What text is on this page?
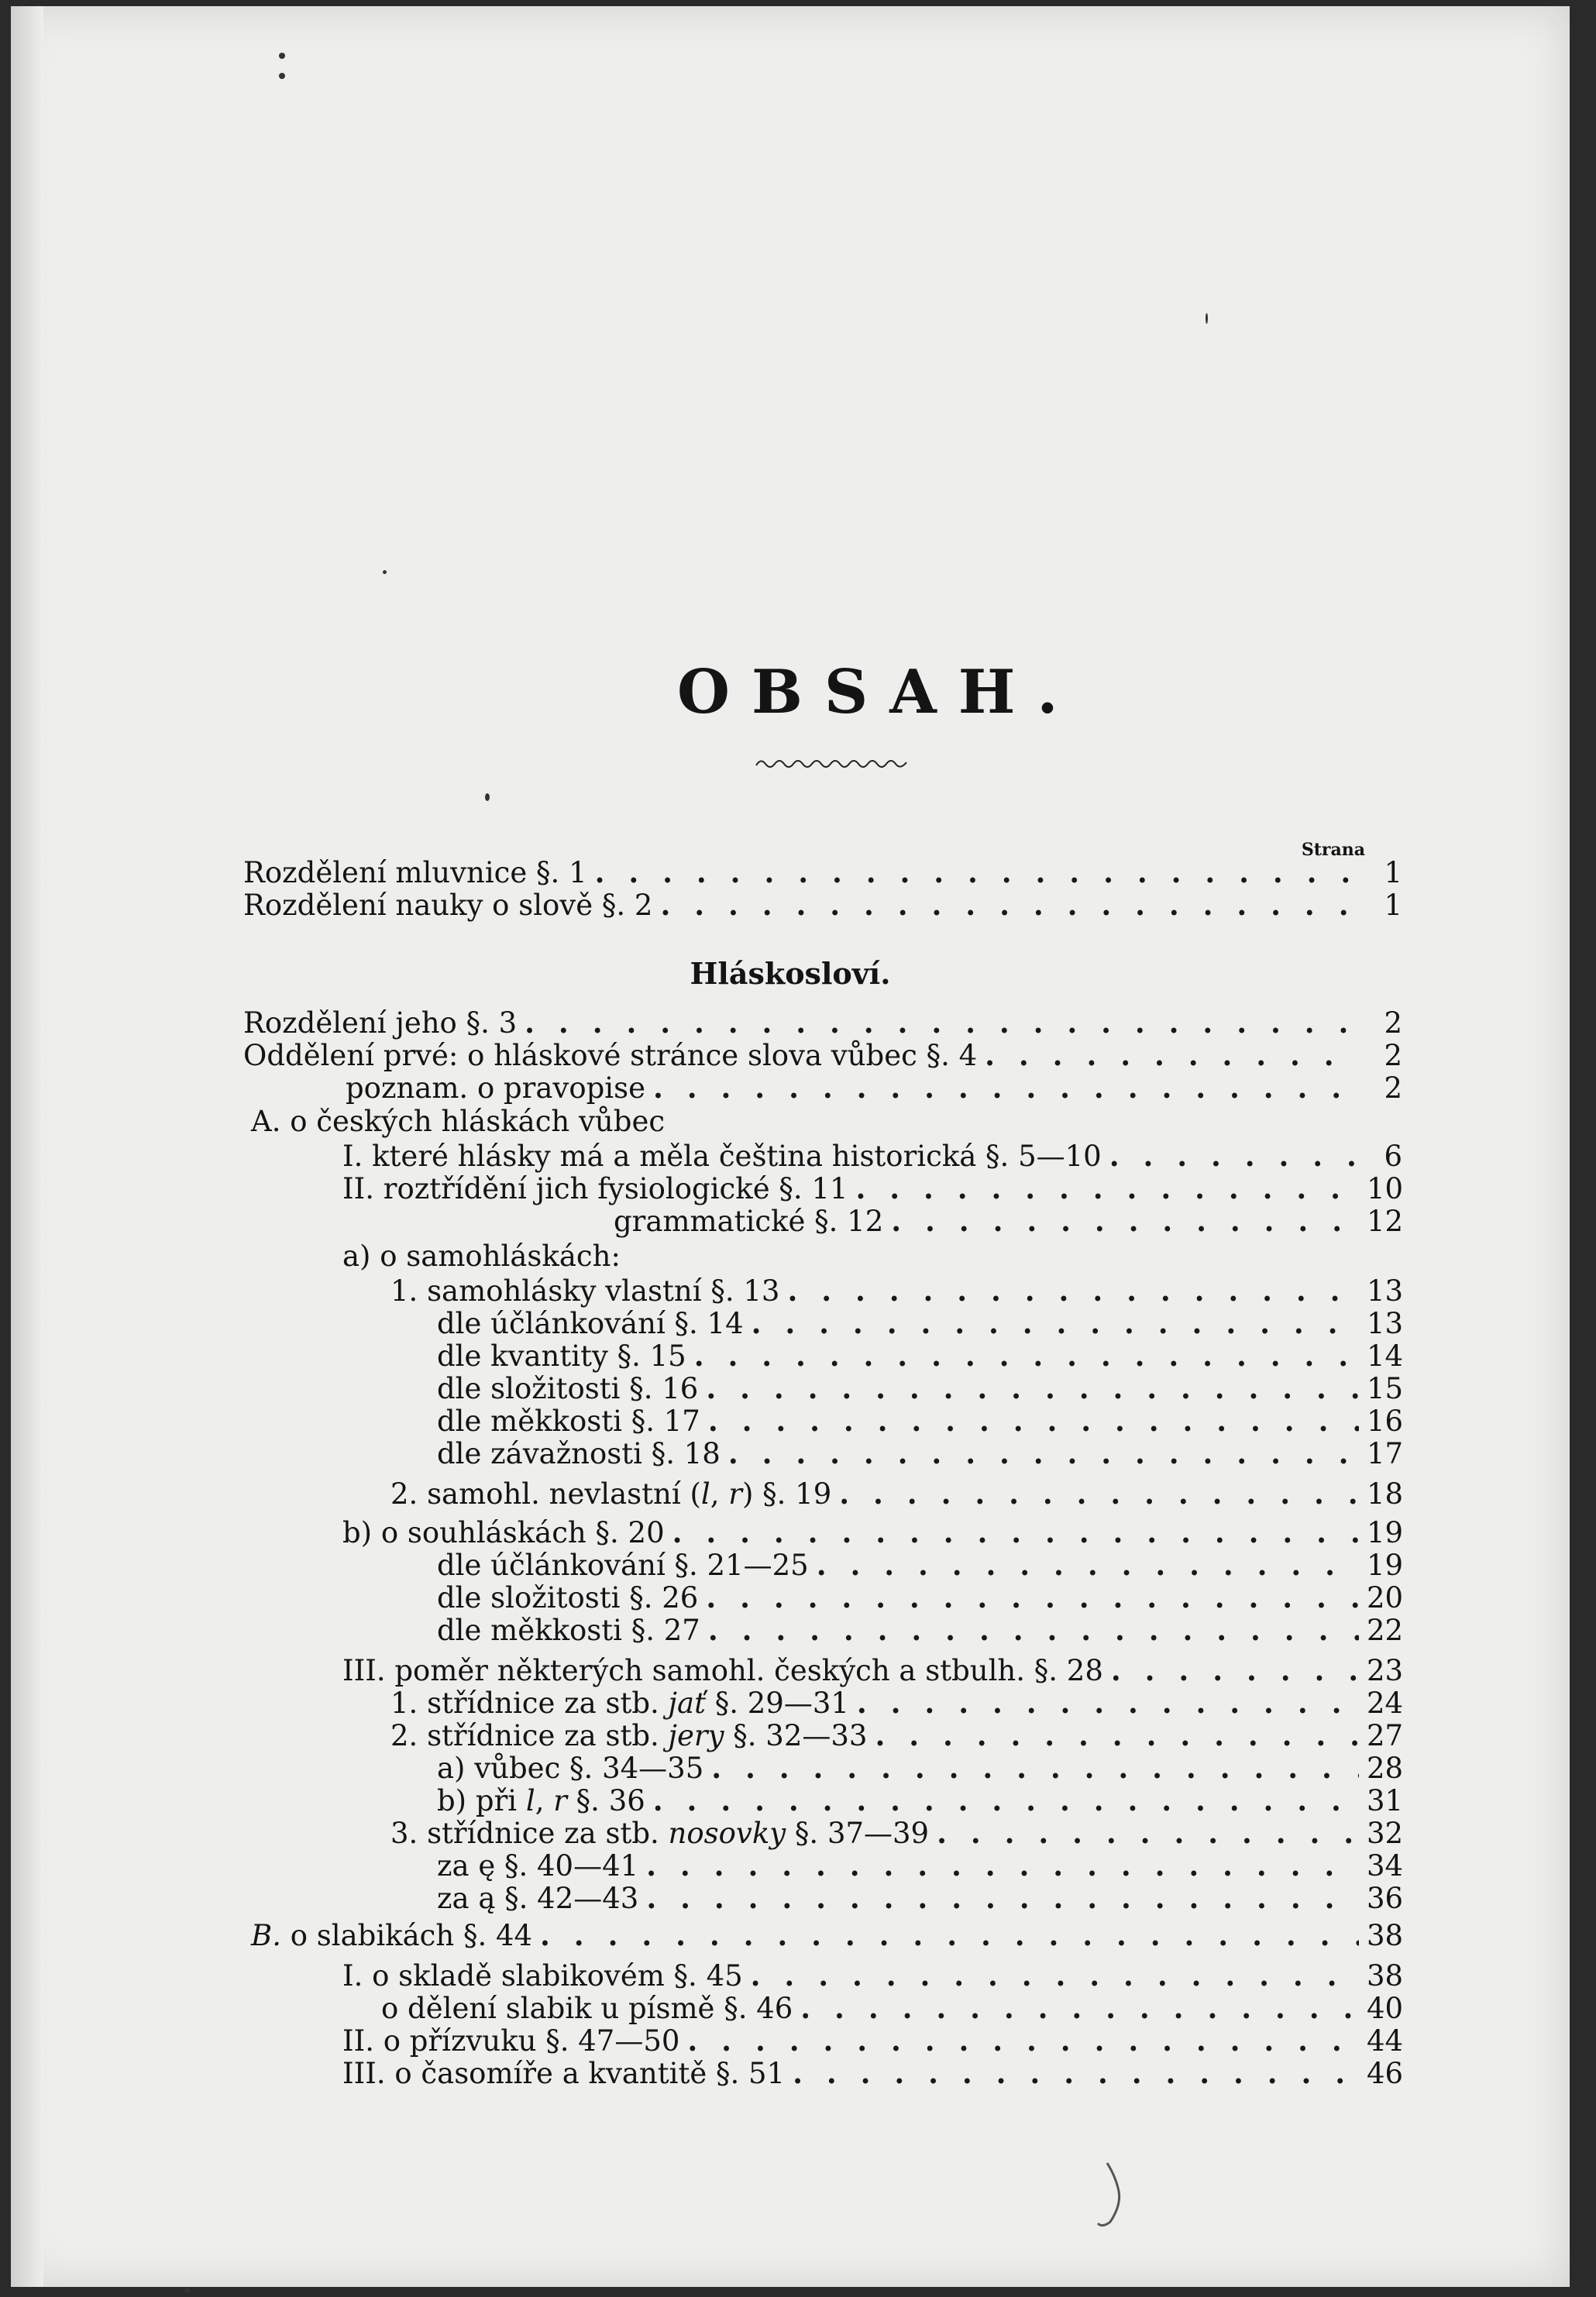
OBSAH.
Strana
Rozdělení mluvnice §. 1 . . .	1
Rozdělení nauky o slově §. 2 . . .	1
Hláskosloví.
Rozdělení jeho §. 3 . . .	2
Oddělení prvé: o hláskové stránce slova vůbec §. 4 . . .	2
poznam. o pravopise . . .	2
A. o českých hláskách vůbec
I. které hlásky má a měla čeština historická §. 5—10 . . .	6
II. roztřídění jich fysiologické §. 11 . . .	10
grammatické §. 12 . . .	12
a) o samohláskách:
1. samohlásky vlastní §. 13 . . .	13
dle účlánkování §. 14 . . .	13
dle kvantity §. 15 . . .	14
dle složitosti §. 16 . . .	15
dle měkkosti §. 17 . . .	16
dle závažnosti §. 18 . . .	17
2. samohl. nevlastní (l, r) §. 19 . . .	18
b) o souhláskách §. 20 . . .	19
dle účlánkování §. 21—25 . . .	19
dle složitosti §. 26 . . .	20
dle měkkosti §. 27 . . .	22
III. poměr některých samohl. českých a stbulh. §. 28 . . .	23
1. střídnice za stb. jať §. 29—31 . . .	24
2. střídnice za stb. jery §. 32—33 . . .	27
a) vůbec §. 34—35 . . .	28
b) při l, r §. 36 . . .	31
3. střídnice za stb. nosovky §. 37—39 . . .	32
za ę §. 40—41 . . .	34
za ą §. 42—43 . . .	36
B. o slabikách §. 44 . . .	38
I. o skladě slabikovém §. 45 . . .	38
o dělení slabik u písmě §. 46 . . .	40
II. o přízvuku §. 47—50 . . .	44
III. o časomíře a kvantitě §. 51 . . .	46
